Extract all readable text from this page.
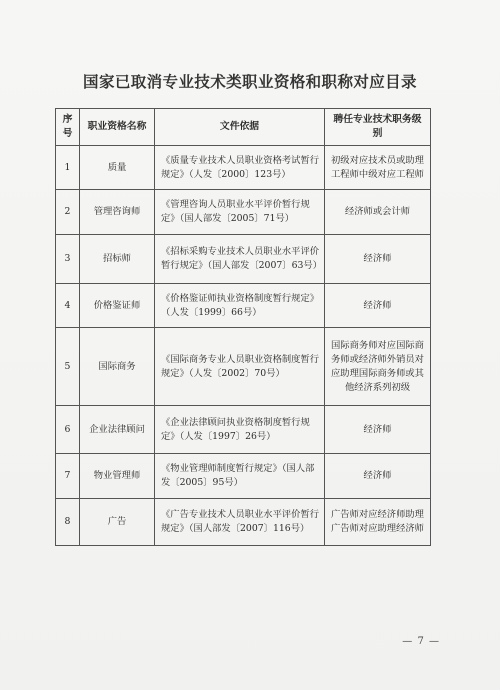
国家已取消专业技术类职业资格和职称对应目录
序号	职业资格名称	文件依据	聘任专业技术职务级别
1	质量	《质量专业技术人员职业资格考试暂行规定》（人发〔2000〕123号）	初级对应技术员或助理工程师中级对应工程师
2	管理咨询师	《管理咨询人员职业水平评价暂行规定》（国人部发〔2005〕71号）	经济师或会计师
3	招标师	《招标采购专业技术人员职业水平评价暂行规定》（国人部发〔2007〕63号）	经济师
4	价格鉴证师	《价格鉴证师执业资格制度暂行规定》（人发〔1999〕66号）	经济师
5	国际商务	《国际商务专业人员职业资格制度暂行规定》（人发〔2002〕70号）	国际商务师对应国际商务师或经济师外销员对应助理国际商务师或其他经济系列初级
6	企业法律顾问	《企业法律顾问执业资格制度暂行规定》（人发〔1997〕26号）	经济师
7	物业管理师	《物业管理师制度暂行规定》（国人部发〔2005〕95号）	经济师
8	广告	《广告专业技术人员职业水平评价暂行规定》（国人部发〔2007〕116号）	广告师对应经济师助理广告师对应助理经济师
— 7 —
